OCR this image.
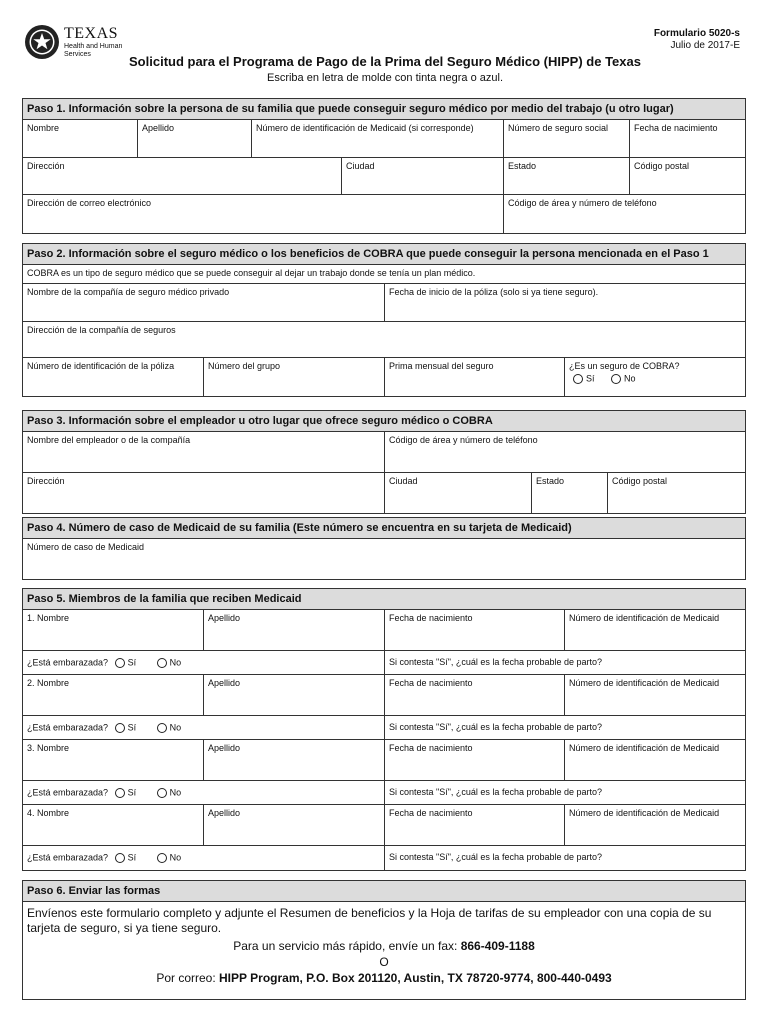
TEXAS
Health and Human Services
Formulario 5020-s
Julio de 2017-E
Solicitud para el Programa de Pago de la Prima del Seguro Médico (HIPP) de Texas
Escriba en letra de molde con tinta negra o azul.
Paso 1. Información sobre la persona de su familia que puede conseguir seguro médico por medio del trabajo (u otro lugar)
Nombre	Apellido	Número de identificación de Medicaid (si corresponde)	Número de seguro social	Fecha de nacimiento
Dirección	Ciudad	Estado	Código postal
Dirección de correo electrónico	Código de área y número de teléfono
Paso 2. Información sobre el seguro médico o los beneficios de COBRA que puede conseguir la persona mencionada en el Paso 1
COBRA es un tipo de seguro médico que se puede conseguir al dejar un trabajo donde se tenía un plan médico.
Nombre de la compañía de seguro médico privado	Fecha de inicio de la póliza (solo si ya tiene seguro).
Dirección de la compañía de seguros
Número de identificación de la póliza	Número del grupo	Prima mensual del seguro	¿Es un seguro de COBRA?
Sí	No
Paso 3. Información sobre el empleador u otro lugar que ofrece seguro médico o COBRA
Nombre del empleador o de la compañía	Código de área y número de teléfono
Dirección	Ciudad	Estado	Código postal
Paso 4. Número de caso de Medicaid de su familia (Este número se encuentra en su tarjeta de Medicaid)
Número de caso de Medicaid
Paso 5. Miembros de la familia que reciben Medicaid
1. Nombre	Apellido	Fecha de nacimiento	Número de identificación de Medicaid
¿Está embarazada? Sí	No	Si contesta "Sí", ¿cuál es la fecha probable de parto?
2. Nombre	Apellido	Fecha de nacimiento	Número de identificación de Medicaid
¿Está embarazada? Sí	No	Si contesta "Sí", ¿cuál es la fecha probable de parto?
3. Nombre	Apellido	Fecha de nacimiento	Número de identificación de Medicaid
¿Está embarazada? Sí	No	Si contesta "Sí", ¿cuál es la fecha probable de parto?
4. Nombre	Apellido	Fecha de nacimiento	Número de identificación de Medicaid
¿Está embarazada? Sí	No	Si contesta "Sí", ¿cuál es la fecha probable de parto?
Paso 6. Enviar las formas
Envíenos este formulario completo y adjunte el Resumen de beneficios y la Hoja de tarifas de su empleador con una copia de su tarjeta de seguro, si ya tiene seguro.
Para un servicio más rápido, envíe un fax: 866-409-1188
O
Por correo: HIPP Program, P.O. Box 201120, Austin, TX 78720-9774, 800-440-0493
